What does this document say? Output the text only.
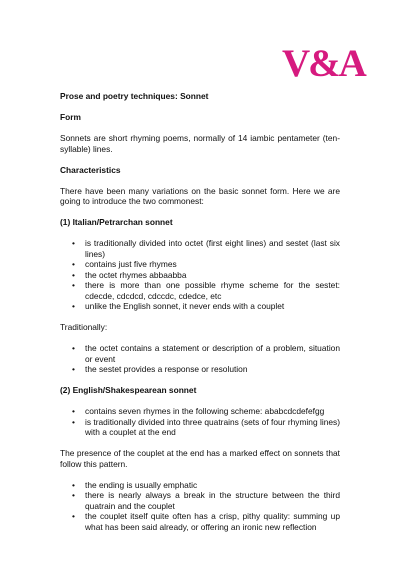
V&A

Prose and poetry techniques: Sonnet

Form

Sonnets are short rhyming poems, normally of 14 iambic pentameter (ten-syllable) lines.

Characteristics

There have been many variations on the basic sonnet form. Here we are going to introduce the two commonest:

(1) Italian/Petrarchan sonnet

• is traditionally divided into octet (first eight lines) and sestet (last six lines)
• contains just five rhymes
• the octet rhymes abbaabba
• there is more than one possible rhyme scheme for the sestet: cdecde, cdcdcd, cdccdc, cdedce, etc
• unlike the English sonnet, it never ends with a couplet

Traditionally:

• the octet contains a statement or description of a problem, situation or event
• the sestet provides a response or resolution

(2) English/Shakespearean sonnet

• contains seven rhymes in the following scheme: ababcdcdefefgg
• is traditionally divided into three quatrains (sets of four rhyming lines) with a couplet at the end

The presence of the couplet at the end has a marked effect on sonnets that follow this pattern.

• the ending is usually emphatic
• there is nearly always a break in the structure between the third quatrain and the couplet
• the couplet itself quite often has a crisp, pithy quality: summing up what has been said already, or offering an ironic new reflection
